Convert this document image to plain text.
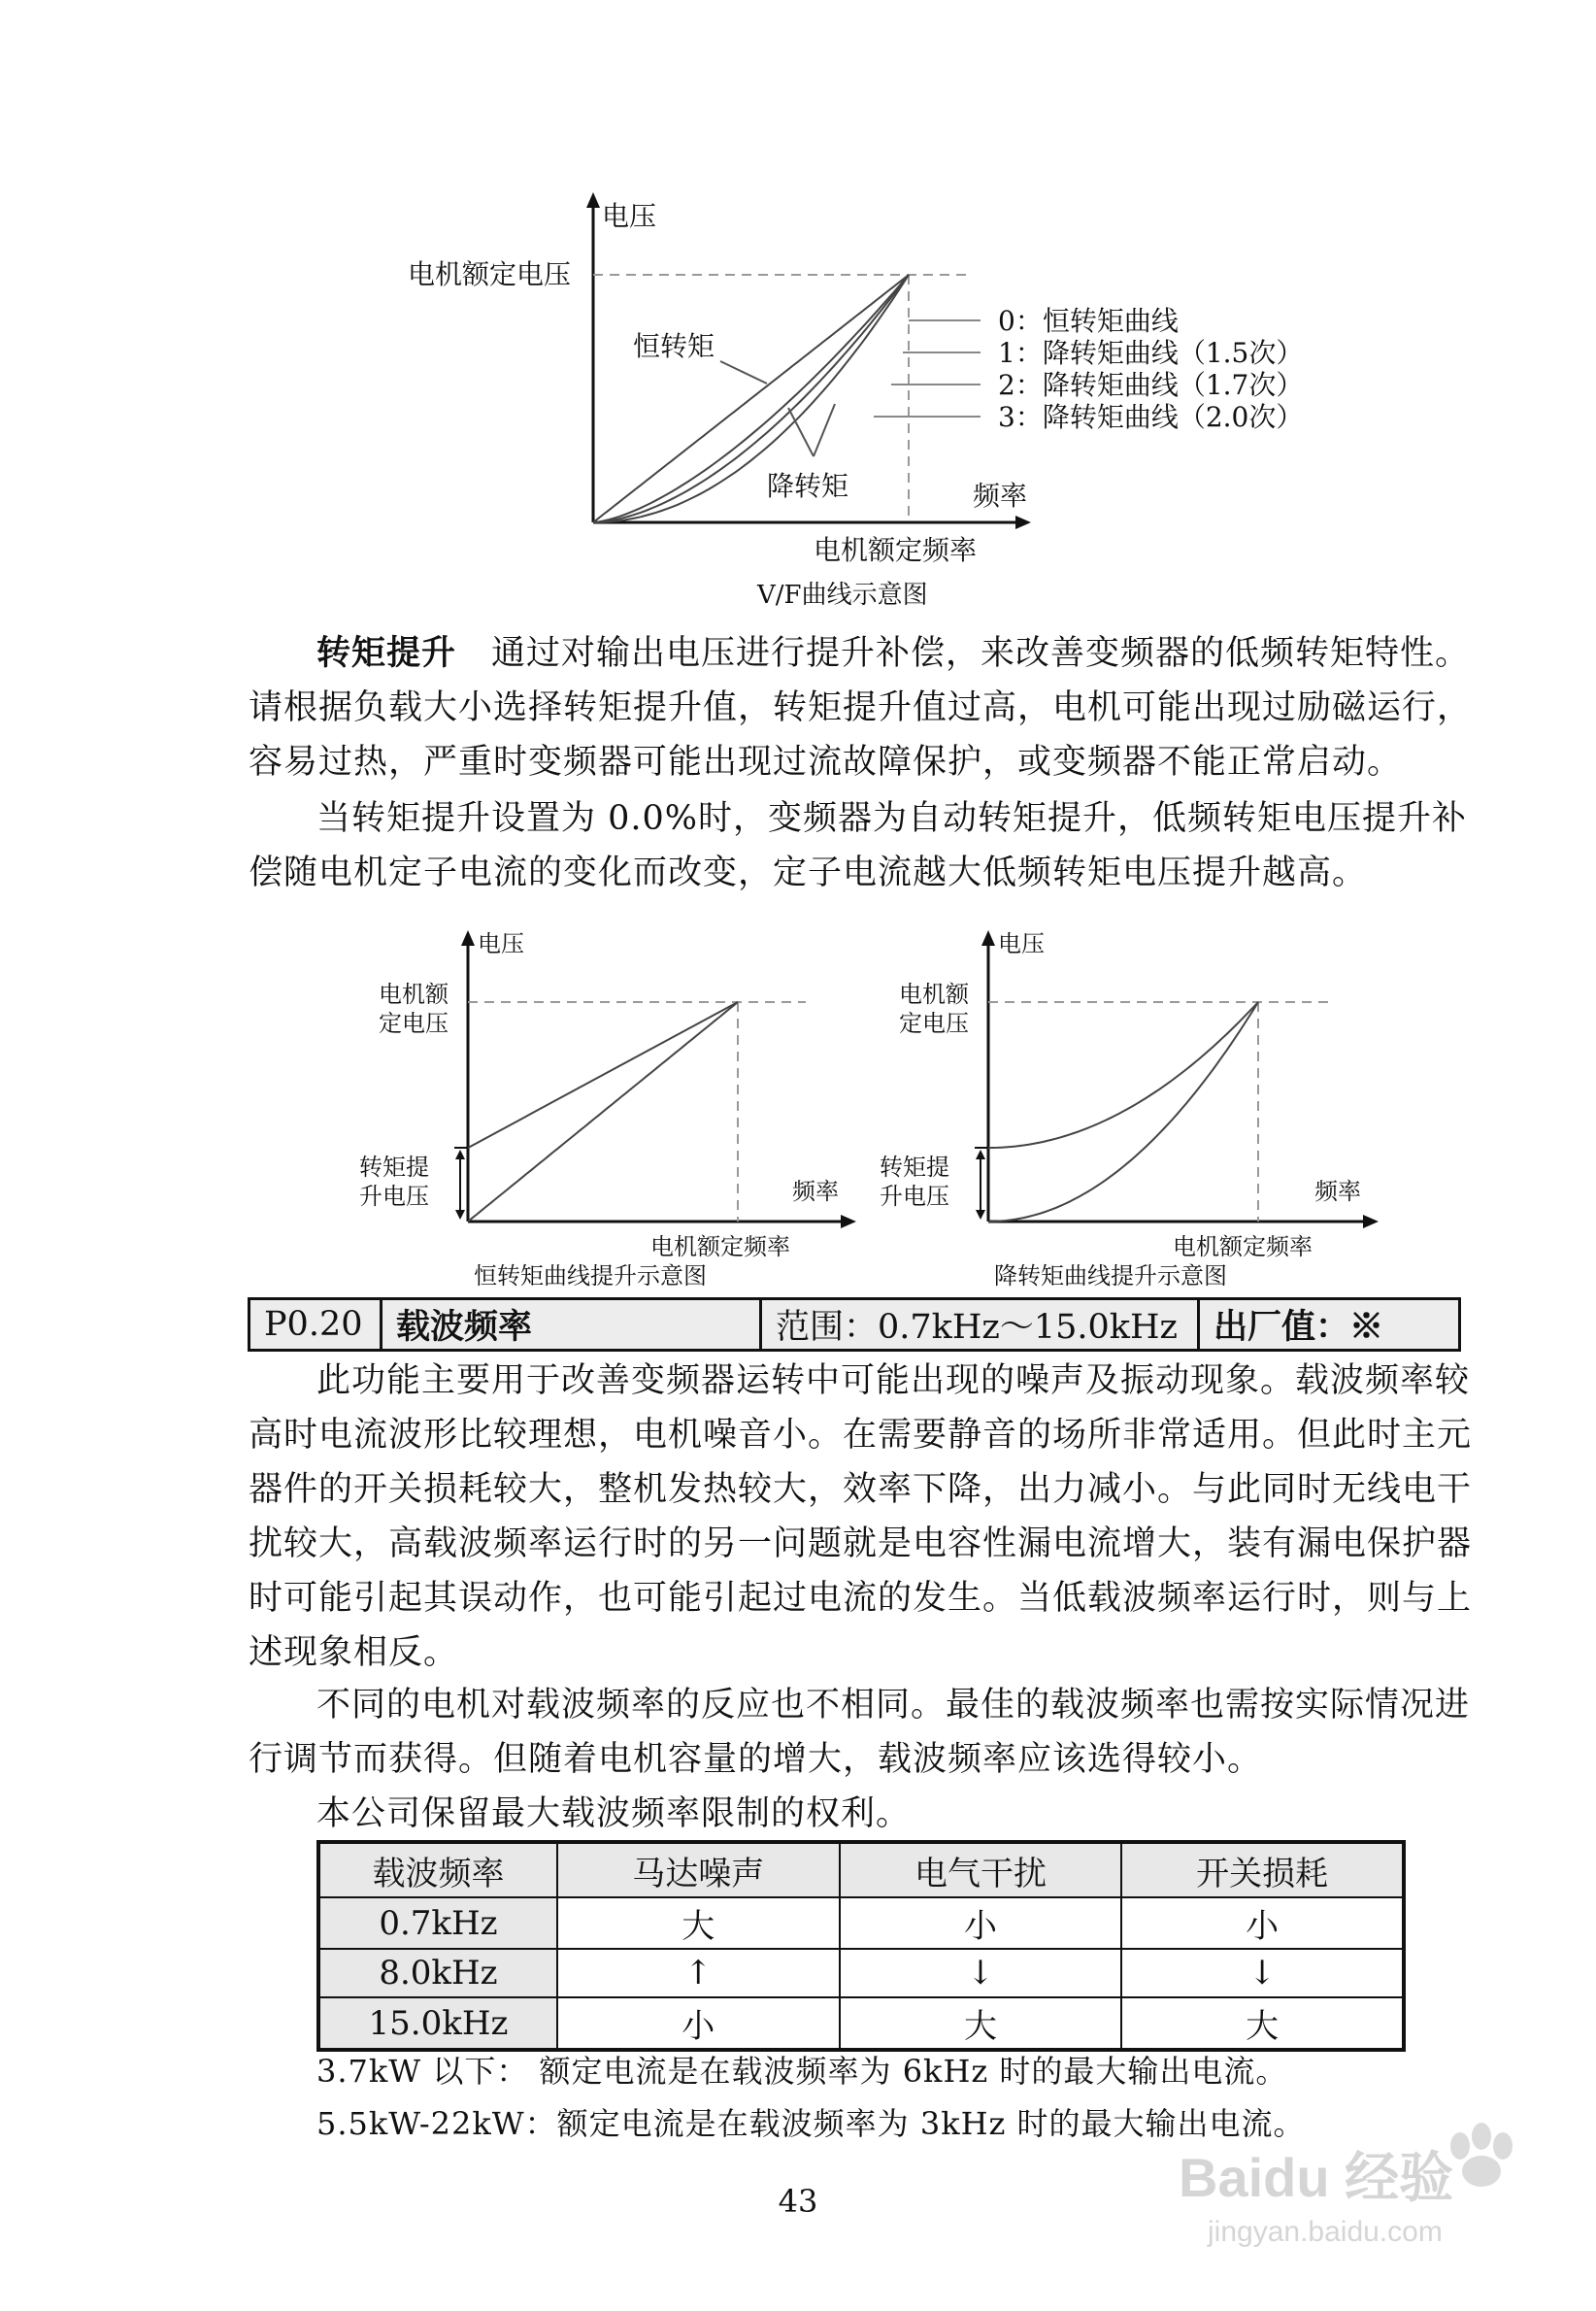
电压
电机额定电压
恒转矩
降转矩	频率
电机额定频率
V/F曲线示意图
0：恒转矩曲线
1：降转矩曲线（1.5次）
2：降转矩曲线（1.7次）
3：降转矩曲线（2.0次）
转矩提升　 通过对输出电压进行提升补偿，来改善变频器的低频转矩特性。请根据负载大小选择转矩提升值，转矩提升值过高，电机可能出现过励磁运行，容易过热，严重时变频器可能出现过流故障保护，或变频器不能正常启动。
当转矩提升设置为 0.0%时，变频器为自动转矩提升，低频转矩电压提升补偿随电机定子电流的变化而改变，定子电流越大低频转矩电压提升越高。
电压
电机额
定电压
转矩提
升电压	频率
电机额定频率
恒转矩曲线提升示意图
电压
电机额
定电压
转矩提
升电压	频率
电机额定频率
降转矩曲线提升示意图
P0.20	载波频率	范围：0.7kHz～15.0kHz	出厂值：※
此功能主要用于改善变频器运转中可能出现的噪声及振动现象。载波频率较高时电流波形比较理想，电机噪音小。在需要静音的场所非常适用。但此时主元器件的开关损耗较大，整机发热较大，效率下降，出力减小。与此同时无线电干扰较大，高载波频率运行时的另一问题就是电容性漏电流增大，装有漏电保护器时可能引起其误动作，也可能引起过电流的发生。当低载波频率运行时，则与上述现象相反。
不同的电机对载波频率的反应也不相同。最佳的载波频率也需按实际情况进行调节而获得。但随着电机容量的增大，载波频率应该选得较小。
本公司保留最大载波频率限制的权利。
载波频率	马达噪声	电气干扰	开关损耗
0.7kHz	大	小	小
8.0kHz	↑	↓	↓
15.0kHz	小	大	大
3.7kW 以下： 额定电流是在载波频率为 6kHz 时的最大输出电流。
5.5kW-22kW：额定电流是在载波频率为 3kHz 时的最大输出电流。
43	Baidu 经验
jingyan.baidu.com
